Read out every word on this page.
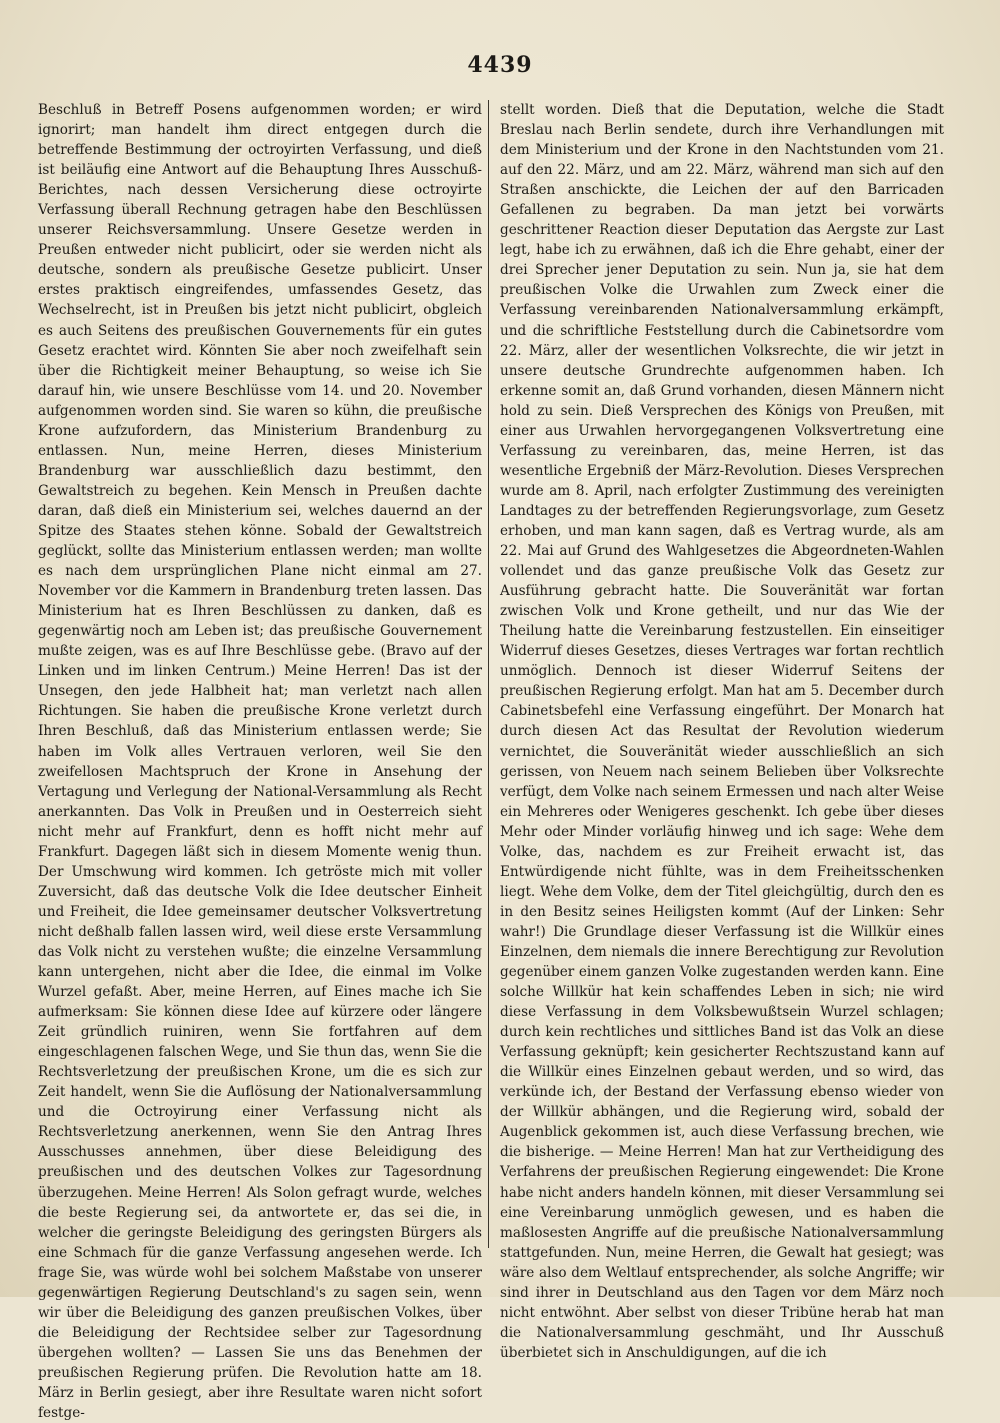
4439

Beschluß in Betreff Posens aufgenommen worden; er wird ignorirt; man handelt ihm direct entgegen durch die betreffende Bestimmung der octroyirten Verfassung, und dieß ist beiläufig eine Antwort auf die Behauptung Ihres Ausschuß-Berichtes, nach dessen Versicherung diese octroyirte Verfassung überall Rechnung getragen habe den Beschlüssen unserer Reichsversammlung. Unsere Gesetze werden in Preußen entweder nicht publicirt, oder sie werden nicht als deutsche, sondern als preußische Gesetze publicirt. Unser erstes praktisch eingreifendes, umfassendes Gesetz, das Wechselrecht, ist in Preußen bis jetzt nicht publicirt, obgleich es auch Seitens des preußischen Gouvernements für ein gutes Gesetz erachtet wird. Könnten Sie aber noch zweifelhaft sein über die Richtigkeit meiner Behauptung, so weise ich Sie darauf hin, wie unsere Beschlüsse vom 14. und 20. November aufgenommen worden sind. Sie waren so kühn, die preußische Krone aufzufordern, das Ministerium Brandenburg zu entlassen. Nun, meine Herren, dieses Ministerium Brandenburg war ausschließlich dazu bestimmt, den Gewaltstreich zu begehen. Kein Mensch in Preußen dachte daran, daß dieß ein Ministerium sei, welches dauernd an der Spitze des Staates stehen könne. Sobald der Gewaltstreich geglückt, sollte das Ministerium entlassen werden; man wollte es nach dem ursprünglichen Plane nicht einmal am 27. November vor die Kammern in Brandenburg treten lassen. Das Ministerium hat es Ihren Beschlüssen zu danken, daß es gegenwärtig noch am Leben ist; das preußische Gouvernement mußte zeigen, was es auf Ihre Beschlüsse gebe. (Bravo auf der Linken und im linken Centrum.) Meine Herren! Das ist der Unsegen, den jede Halbheit hat; man verletzt nach allen Richtungen. Sie haben die preußische Krone verletzt durch Ihren Beschluß, daß das Ministerium entlassen werde; Sie haben im Volk alles Vertrauen verloren, weil Sie den zweifellosen Machtspruch der Krone in Ansehung der Vertagung und Verlegung der National-Versammlung als Recht anerkannten. Das Volk in Preußen und in Oesterreich sieht nicht mehr auf Frankfurt, denn es hofft nicht mehr auf Frankfurt. Dagegen läßt sich in diesem Momente wenig thun. Der Umschwung wird kommen. Ich getröste mich mit voller Zuversicht, daß das deutsche Volk die Idee deutscher Einheit und Freiheit, die Idee gemeinsamer deutscher Volksvertretung nicht deßhalb fallen lassen wird, weil diese erste Versammlung das Volk nicht zu verstehen wußte; die einzelne Versammlung kann untergehen, nicht aber die Idee, die einmal im Volke Wurzel gefaßt. Aber, meine Herren, auf Eines mache ich Sie aufmerksam: Sie können diese Idee auf kürzere oder längere Zeit gründlich ruiniren, wenn Sie fortfahren auf dem eingeschlagenen falschen Wege, und Sie thun das, wenn Sie die Rechtsverletzung der preußischen Krone, um die es sich zur Zeit handelt, wenn Sie die Auflösung der Nationalversammlung und die Octroyirung einer Verfassung nicht als Rechtsverletzung anerkennen, wenn Sie den Antrag Ihres Ausschusses annehmen, über diese Beleidigung des preußischen und des deutschen Volkes zur Tagesordnung überzugehen. Meine Herren! Als Solon gefragt wurde, welches die beste Regierung sei, da antwortete er, das sei die, in welcher die geringste Beleidigung des geringsten Bürgers als eine Schmach für die ganze Verfassung angesehen werde. Ich frage Sie, was würde wohl bei solchem Maßstabe von unserer gegenwärtigen Regierung Deutschland's zu sagen sein, wenn wir über die Beleidigung des ganzen preußischen Volkes, über die Beleidigung der Rechtsidee selber zur Tagesordnung übergehen wollten? — Lassen Sie uns das Benehmen der preußischen Regierung prüfen. Die Revolution hatte am 18. März in Berlin gesiegt, aber ihre Resultate waren nicht sofort festge-

stellt worden. Dieß that die Deputation, welche die Stadt Breslau nach Berlin sendete, durch ihre Verhandlungen mit dem Ministerium und der Krone in den Nachtstunden vom 21. auf den 22. März, und am 22. März, während man sich auf den Straßen anschickte, die Leichen der auf den Barricaden Gefallenen zu begraben. Da man jetzt bei vorwärts geschrittener Reaction dieser Deputation das Aergste zur Last legt, habe ich zu erwähnen, daß ich die Ehre gehabt, einer der drei Sprecher jener Deputation zu sein. Nun ja, sie hat dem preußischen Volke die Urwahlen zum Zweck einer die Verfassung vereinbarenden Nationalversammlung erkämpft, und die schriftliche Feststellung durch die Cabinetsordre vom 22. März, aller der wesentlichen Volksrechte, die wir jetzt in unsere deutsche Grundrechte aufgenommen haben. Ich erkenne somit an, daß Grund vorhanden, diesen Männern nicht hold zu sein. Dieß Versprechen des Königs von Preußen, mit einer aus Urwahlen hervorgegangenen Volksvertretung eine Verfassung zu vereinbaren, das, meine Herren, ist das wesentliche Ergebniß der März-Revolution. Dieses Versprechen wurde am 8. April, nach erfolgter Zustimmung des vereinigten Landtages zu der betreffenden Regierungsvorlage, zum Gesetz erhoben, und man kann sagen, daß es Vertrag wurde, als am 22. Mai auf Grund des Wahlgesetzes die Abgeordneten-Wahlen vollendet und das ganze preußische Volk das Gesetz zur Ausführung gebracht hatte. Die Souveränität war fortan zwischen Volk und Krone getheilt, und nur das Wie der Theilung hatte die Vereinbarung festzustellen. Ein einseitiger Widerruf dieses Gesetzes, dieses Vertrages war fortan rechtlich unmöglich. Dennoch ist dieser Widerruf Seitens der preußischen Regierung erfolgt. Man hat am 5. December durch Cabinetsbefehl eine Verfassung eingeführt. Der Monarch hat durch diesen Act das Resultat der Revolution wiederum vernichtet, die Souveränität wieder ausschließlich an sich gerissen, von Neuem nach seinem Belieben über Volksrechte verfügt, dem Volke nach seinem Ermessen und nach alter Weise ein Mehreres oder Wenigeres geschenkt. Ich gebe über dieses Mehr oder Minder vorläufig hinweg und ich sage: Wehe dem Volke, das, nachdem es zur Freiheit erwacht ist, das Entwürdigende nicht fühlte, was in dem Freiheitsschenken liegt. Wehe dem Volke, dem der Titel gleichgültig, durch den es in den Besitz seines Heiligsten kommt (Auf der Linken: Sehr wahr!) Die Grundlage dieser Verfassung ist die Willkür eines Einzelnen, dem niemals die innere Berechtigung zur Revolution gegenüber einem ganzen Volke zugestanden werden kann. Eine solche Willkür hat kein schaffendes Leben in sich; nie wird diese Verfassung in dem Volksbewußtsein Wurzel schlagen; durch kein rechtliches und sittliches Band ist das Volk an diese Verfassung geknüpft; kein gesicherter Rechtszustand kann auf die Willkür eines Einzelnen gebaut werden, und so wird, das verkünde ich, der Bestand der Verfassung ebenso wieder von der Willkür abhängen, und die Regierung wird, sobald der Augenblick gekommen ist, auch diese Verfassung brechen, wie die bisherige. — Meine Herren! Man hat zur Vertheidigung des Verfahrens der preußischen Regierung eingewendet: Die Krone habe nicht anders handeln können, mit dieser Versammlung sei eine Vereinbarung unmöglich gewesen, und es haben die maßlosesten Angriffe auf die preußische Nationalversammlung stattgefunden. Nun, meine Herren, die Gewalt hat gesiegt; was wäre also dem Weltlauf entsprechender, als solche Angriffe; wir sind ihrer in Deutschland aus den Tagen vor dem März noch nicht entwöhnt. Aber selbst von dieser Tribüne herab hat man die Nationalversammlung geschmäht, und Ihr Ausschuß überbietet sich in Anschuldigungen, auf die ich
